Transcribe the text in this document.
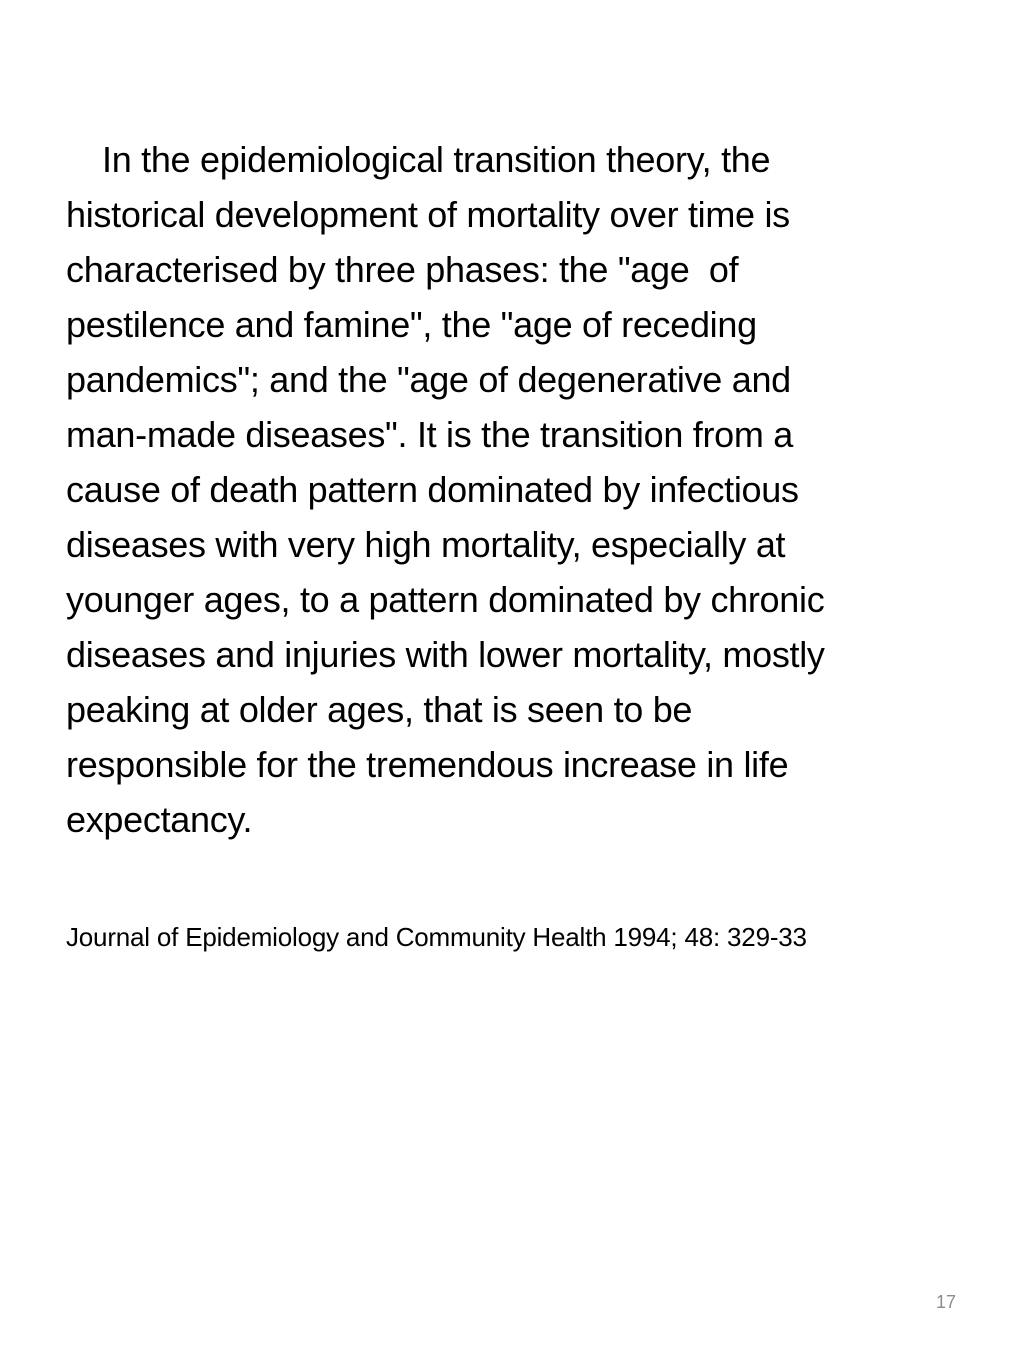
In the epidemiological transition theory, the
historical development of mortality over time is
characterised by three phases: the "age  of
pestilence and famine", the "age of receding
pandemics"; and the "age of degenerative and
man-made diseases". It is the transition from a
cause of death pattern dominated by infectious
diseases with very high mortality, especially at
younger ages, to a pattern dominated by chronic
diseases and injuries with lower mortality, mostly
peaking at older ages, that is seen to be
responsible for the tremendous increase in life
expectancy.
Journal of Epidemiology and Community Health 1994; 48: 329-33
17
